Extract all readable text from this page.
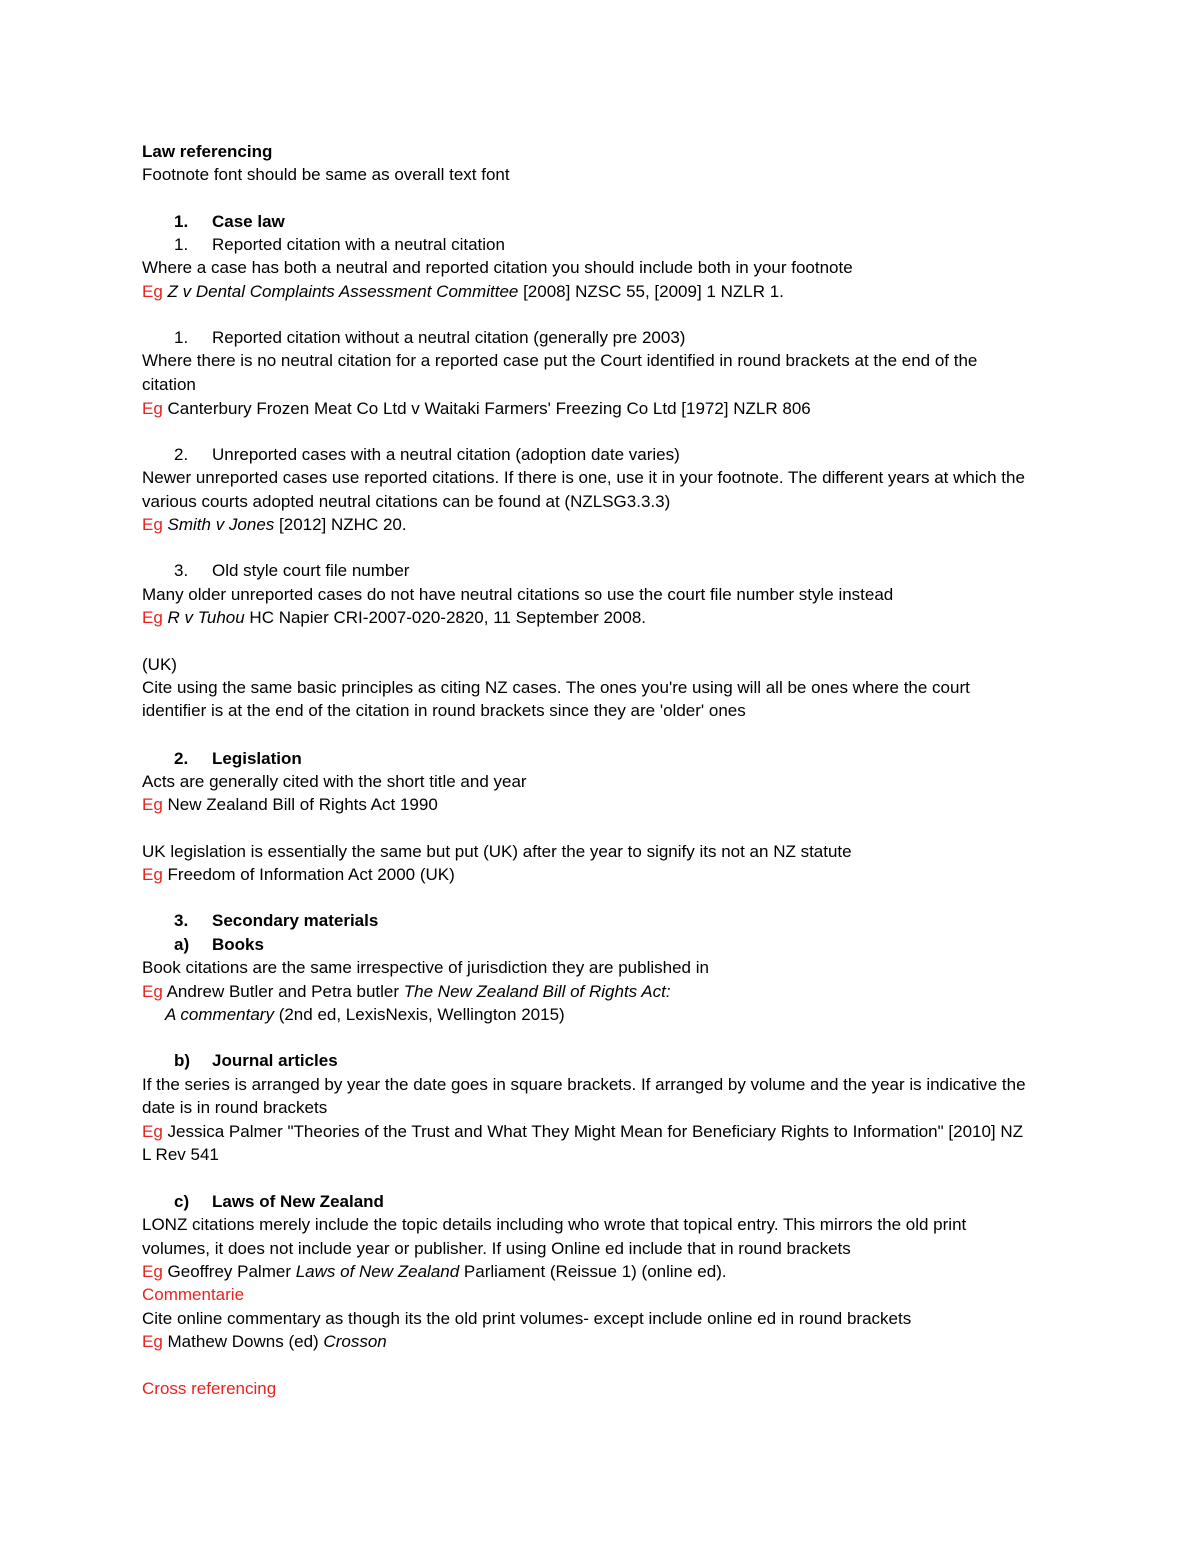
Law referencing
Footnote font should be same as overall text font
1. Case law
1. Reported citation with a neutral citation
Where a case has both a neutral and reported citation you should include both in your footnote
Eg Z v Dental Complaints Assessment Committee [2008] NZSC 55, [2009] 1 NZLR 1.
1. Reported citation without a neutral citation (generally pre 2003)
Where there is no neutral citation for a reported case put the Court identified in round brackets at the end of the
citation
Eg Canterbury Frozen Meat Co Ltd v Waitaki Farmers' Freezing Co Ltd [1972] NZLR 806
2. Unreported cases with a neutral citation (adoption date varies)
Newer unreported cases use reported citations. If there is one, use it in your footnote. The different years at which the
various courts adopted neutral citations can be found at (NZLSG3.3.3)
Eg Smith v Jones [2012] NZHC 20.
3. Old style court file number
Many older unreported cases do not have neutral citations so use the court file number style instead
Eg R v Tuhou HC Napier CRI-2007-020-2820, 11 September 2008.
(UK)
Cite using the same basic principles as citing NZ cases. The ones you're using will all be ones where the court
identifier is at the end of the citation in round brackets since they are 'older' ones
2. Legislation
Acts are generally cited with the short title and year
Eg New Zealand Bill of Rights Act 1990
UK legislation is essentially the same but put (UK) after the year to signify its not an NZ statute
Eg Freedom of Information Act 2000 (UK)
3. Secondary materials
a) Books
Book citations are the same irrespective of jurisdiction they are published in
Eg Andrew Butler and Petra butler The New Zealand Bill of Rights Act:
A commentary (2nd ed, LexisNexis, Wellington 2015)
b) Journal articles
If the series is arranged by year the date goes in square brackets. If arranged by volume and the year is indicative the
date is in round brackets
Eg Jessica Palmer "Theories of the Trust and What They Might Mean for Beneficiary Rights to Information" [2010] NZ
L Rev 541
c) Laws of New Zealand
LONZ citations merely include the topic details including who wrote that topical entry. This mirrors the old print
volumes, it does not include year or publisher. If using Online ed include that in round brackets
Eg Geoffrey Palmer Laws of New Zealand Parliament (Reissue 1) (online ed).
Commentarie
Cite online commentary as though its the old print volumes- except include online ed in round brackets
Eg Mathew Downs (ed) Crosson
Cross referencing
